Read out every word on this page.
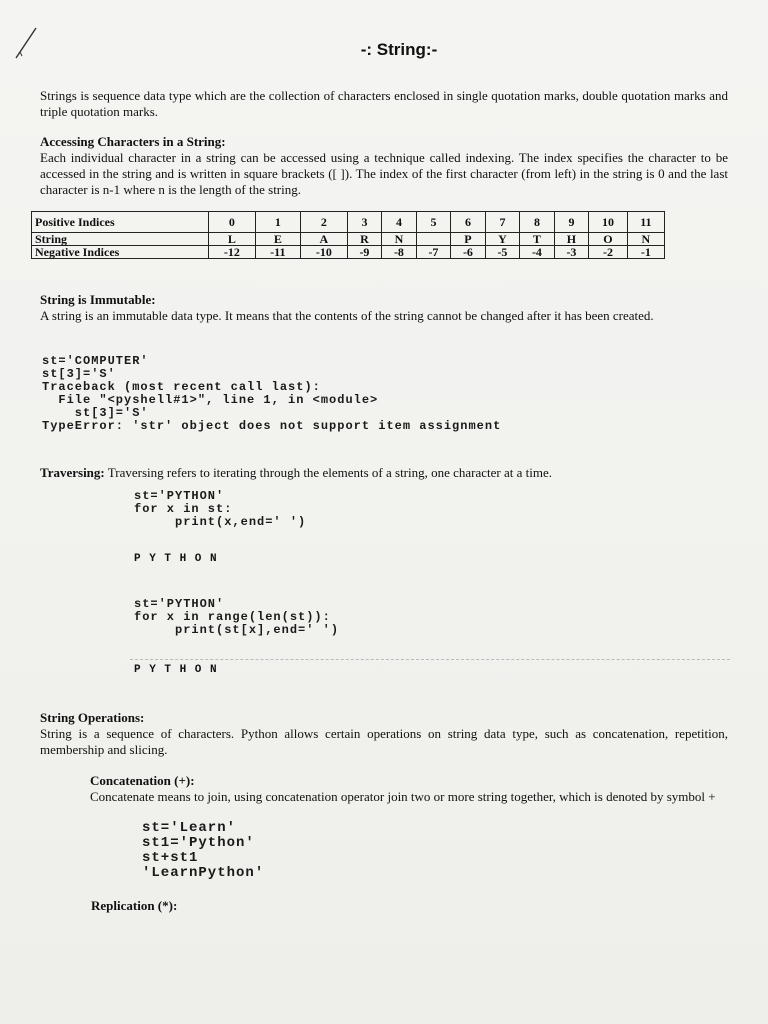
-: String:-
Strings is sequence data type which are the collection of characters enclosed in single quotation marks, double quotation marks and triple quotation marks.
Accessing Characters in a String:
Each individual character in a string can be accessed using a technique called indexing. The index specifies the character to be accessed in the string and is written in square brackets ([ ]). The index of the first character (from left) in the string is 0 and the last character is n-1 where n is the length of the string.
Positive Indices	0	1	2	3	4	5	6	7	8	9	10	11
String	L	E	A	R	N		P	Y	T	H	O	N
Negative Indices	-12	-11	-10	-9	-8	-7	-6	-5	-4	-3	-2	-1
String is Immutable:
A string is an immutable data type. It means that the contents of the string cannot be changed after it has been created.
st='COMPUTER'
st[3]='S'
Traceback (most recent call last):
File "<pyshell#1>", line 1, in <module>
st[3]='S'
TypeError: 'str' object does not support item assignment
Traversing: Traversing refers to iterating through the elements of a string, one character at a time.
st='PYTHON'
for x in st:
print(x,end=' ')
P Y T H O N
st='PYTHON'
for x in range(len(st)):
print(st[x],end=' ')
P Y T H O N
String Operations:
String is a sequence of characters. Python allows certain operations on string data type, such as concatenation, repetition, membership and slicing.
Concatenation (+):
Concatenate means to join, using concatenation operator join two or more string together, which is denoted by symbol +
st='Learn'
st1='Python'
st+st1
'LearnPython'
Replication (*):
